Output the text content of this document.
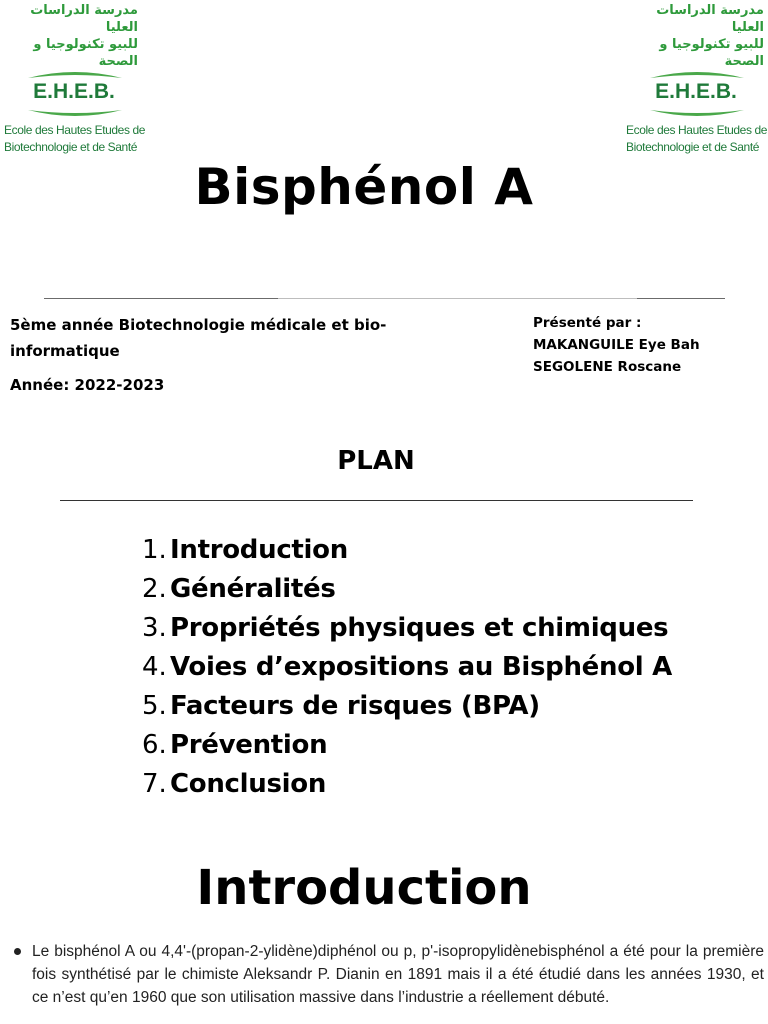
مدرسة الدراسات العليا
للبيو تكنولوجيا و الصحة
E.H.E.B.
Ecole des Hautes Etudes de
Biotechnologie et de Santé
مدرسة الدراسات العليا
للبيو تكنولوجيا و الصحة
E.H.E.B.
Ecole des Hautes Etudes de
Biotechnologie et de Santé
Bisphénol A
5ème année Biotechnologie médicale et bio-informatique
Année: 2022-2023
Présenté par :
MAKANGUILE Eye Bah
SEGOLENE Roscane
PLAN
1. Introduction
2. Généralités
3. Propriétés physiques et chimiques
4. Voies d’expositions au Bisphénol A
5. Facteurs de risques (BPA)
6. Prévention
7. Conclusion
Introduction
Le bisphénol A ou 4,4'-(propan-2-ylidène)diphénol ou p, p'-isopropylidènebisphénol a été pour la première fois synthétisé par le chimiste Aleksandr P. Dianin en 1891 mais il a été étudié dans les années 1930, et ce n’est qu’en 1960 que son utilisation massive dans l’industrie a réellement débuté.
